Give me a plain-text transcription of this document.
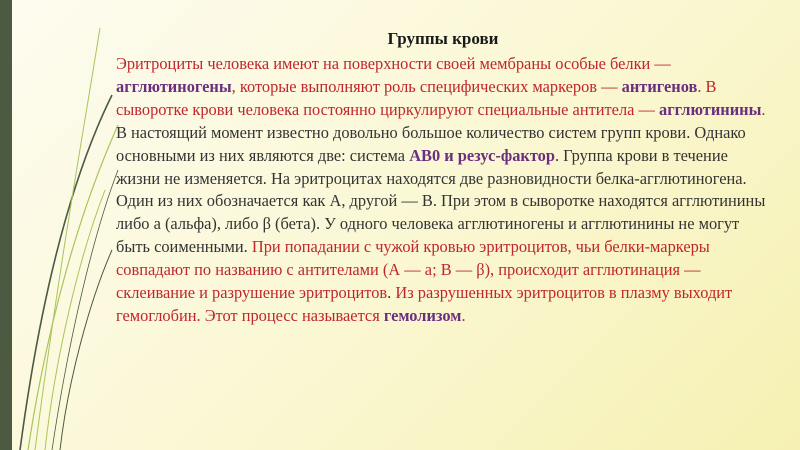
Группы крови

Эритроциты человека имеют на поверхности своей мембраны особые белки — агглютиногены, которые выполняют роль специфических маркеров — антигенов. В сыворотке крови человека постоянно циркулируют специальные антитела — агглютинины.

В настоящий момент известно довольно большое количество систем групп крови. Однако основными из них являются две: система АВ0 и резус-фактор. Группа крови в течение жизни не изменяется. На эритроцитах находятся две разновидности белка-агглютиногена. Один из них обозначается как А, другой — В. При этом в сыворотке находятся агглютинины либо а (альфа), либо β (бета). У одного человека агглютиногены и агглютинины не могут быть соименными. При попадании с чужой кровью эритроцитов, чьи белки-маркеры совпадают по названию с антителами (А — а; В — β), происходит агглютинация — склеивание и разрушение эритроцитов. Из разрушенных эритроцитов в плазму выходит гемоглобин. Этот процесс называется гемолизом.
